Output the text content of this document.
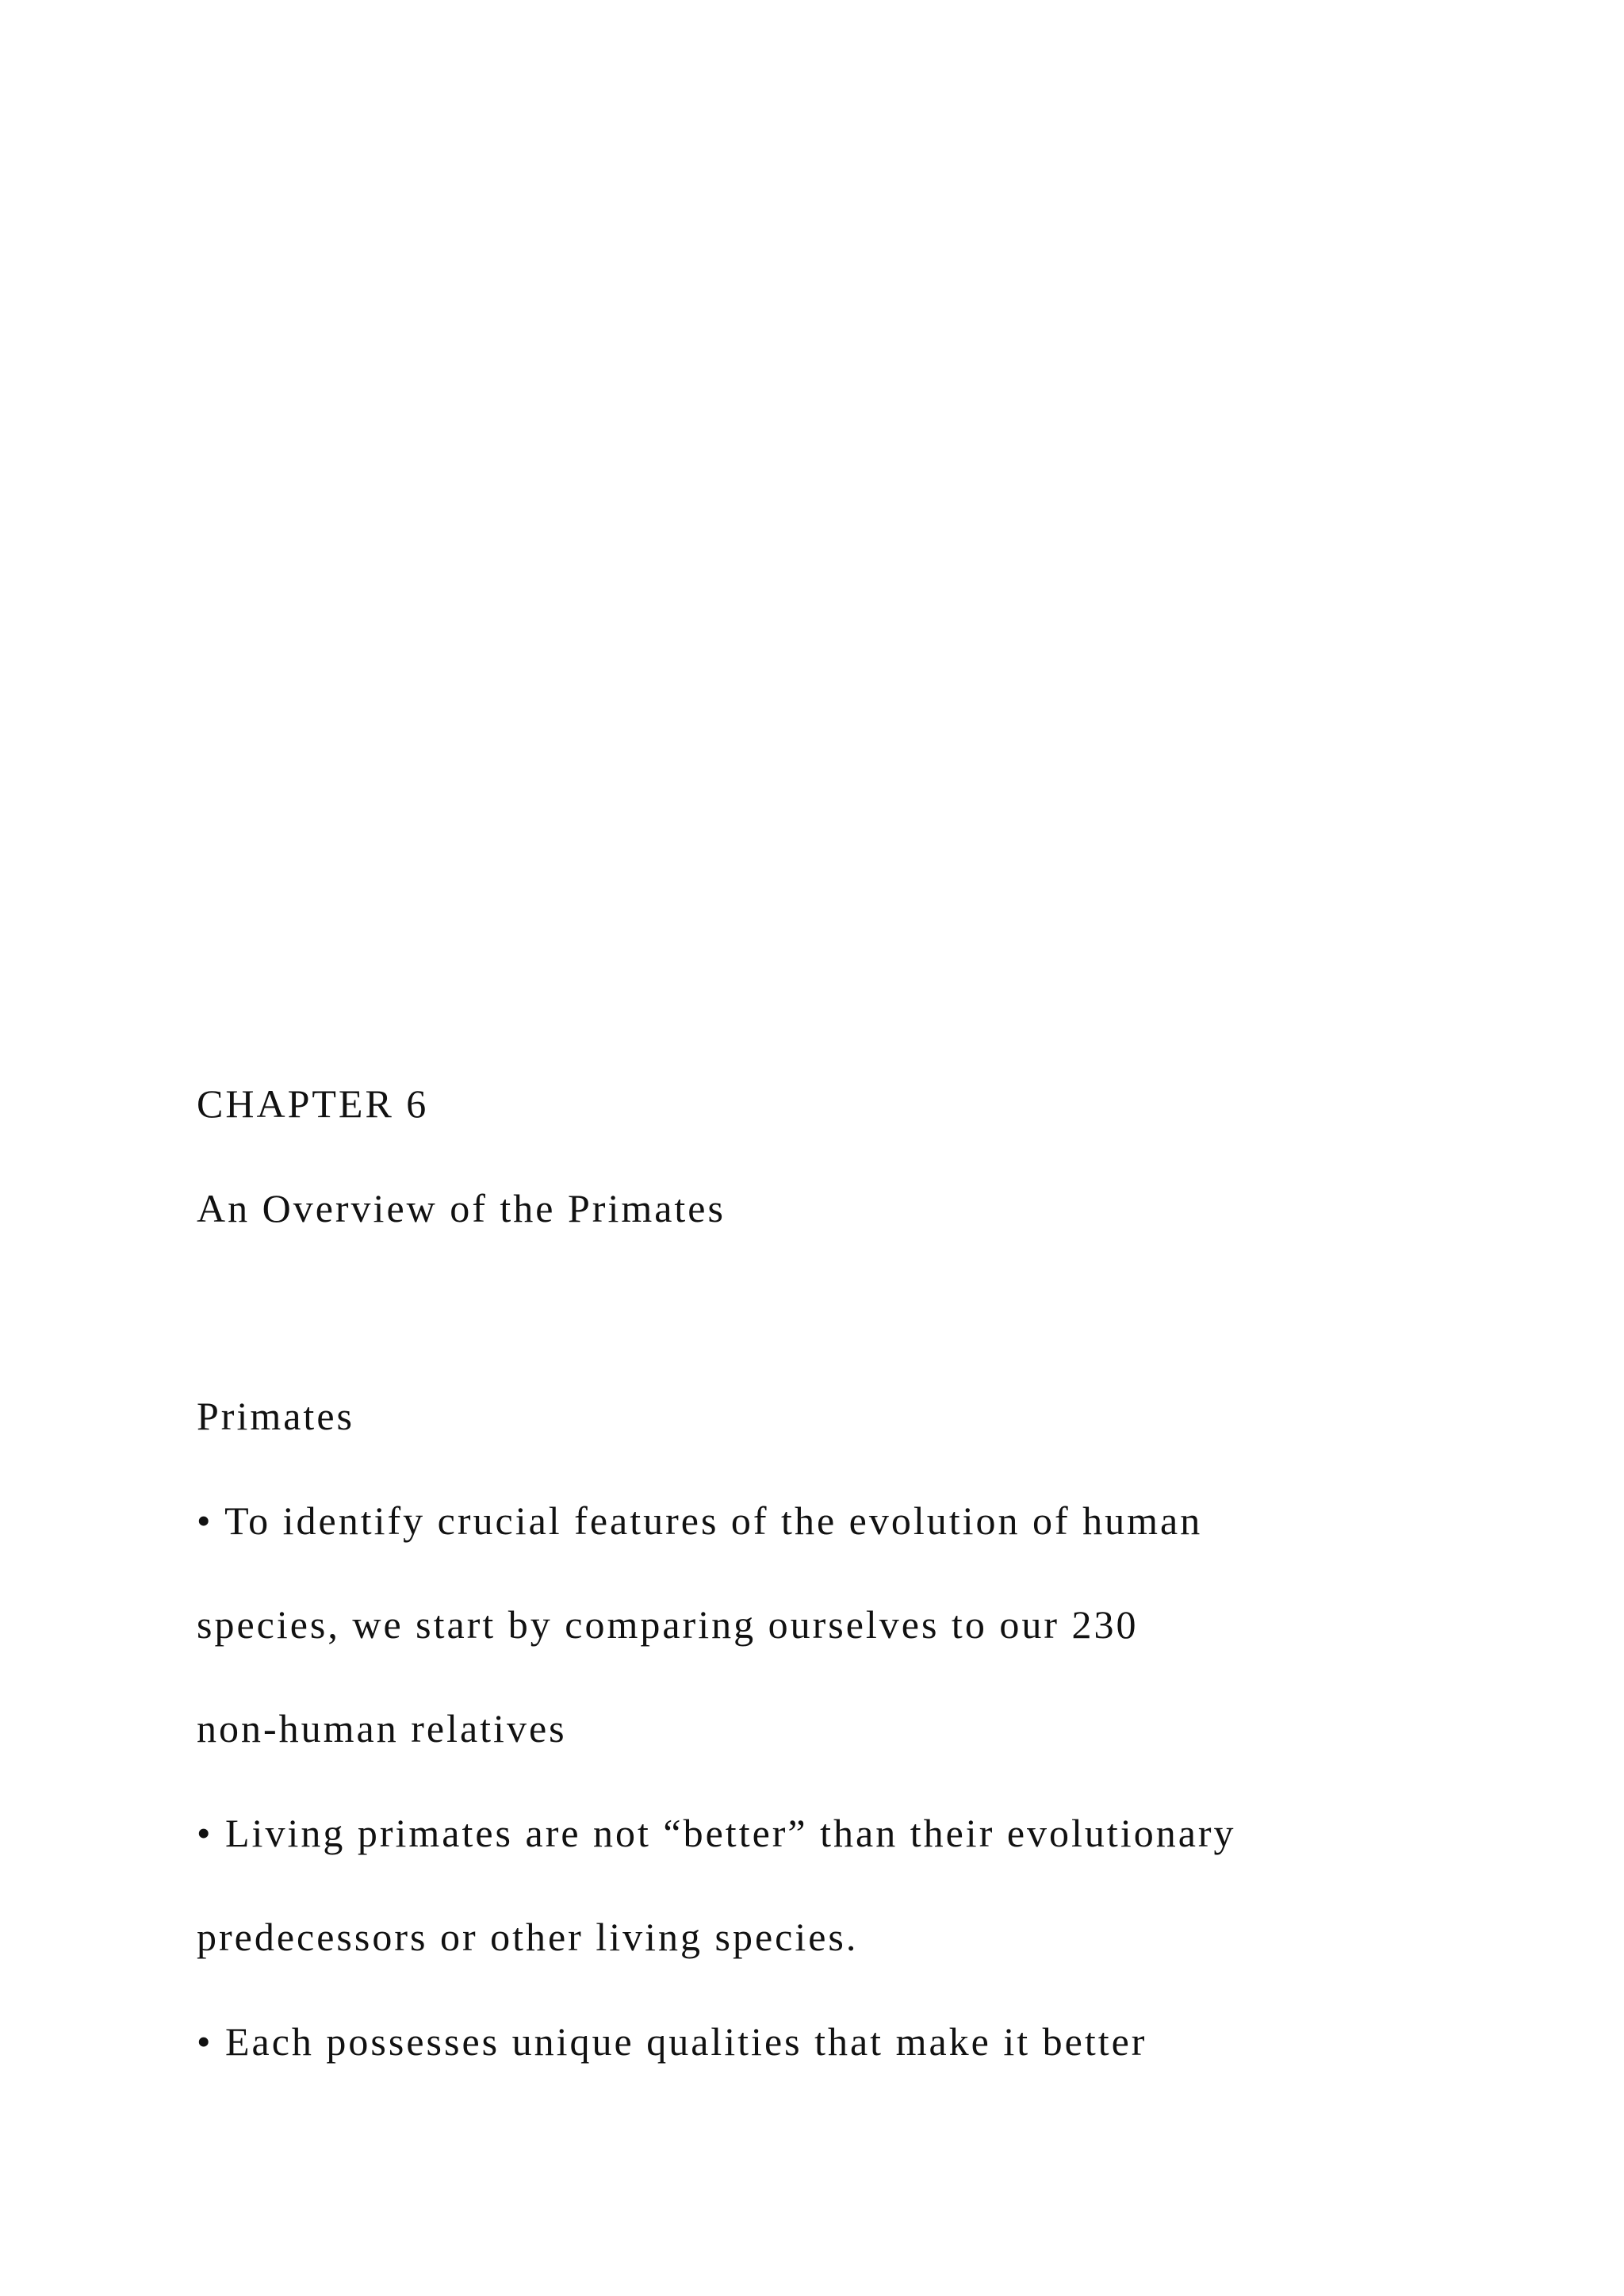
CHAPTER 6
An Overview of the Primates
Primates

• To identify crucial features of the evolution of human

species, we start by comparing ourselves to our 230

non-human relatives

• Living primates are not “better” than their evolutionary

predecessors or other living species.

• Each possesses unique qualities that make it better
